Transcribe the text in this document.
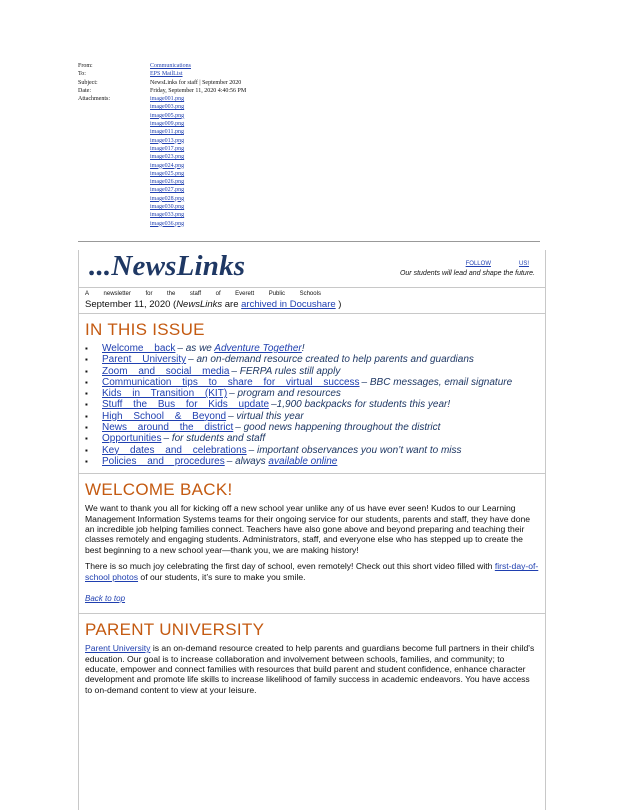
From:	Communications
To:	EPS MailList
Subject:	NewsLinks for staff | September 2020
Date:	Friday, September 11, 2020 4:40:56 PM
Attachments:	image001.png
image003.png
image005.png
image009.png
image011.png
image013.png
image017.png
image023.png
image024.png
image025.png
image026.png
image027.png
image028.png
image030.png
image033.png
image036.png
...NewsLinks	FOLLOW	US!
Our students will lead and shape the future.
A newsletter for the staff of Everett Public Schools
September 11, 2020 (NewsLinks are archived in Docushare )
IN THIS ISSUE
▪	Welcome back – as we Adventure Together!
▪	Parent University – an on-demand resource created to help parents and guardians
▪	Zoom and social media – FERPA rules still apply
▪	Communication tips to share for virtual success – BBC messages, email signature
▪	Kids in Transition (KIT) – program and resources
▪	Stuff the Bus for Kids update –1,900 backpacks for students this year!
▪	High School & Beyond – virtual this year
▪	News around the district – good news happening throughout the district
▪	Opportunities – for students and staff
▪	Key dates and celebrations – important observances you won’t want to miss
▪	Policies and procedures – always available online
WELCOME BACK!

We want to thank you all for kicking off a new school year unlike any of us have ever seen! Kudos to our Learning Management Information Systems teams for their ongoing service for our students, parents and staff, they have done an incredible job helping families connect. Teachers have also gone above and beyond preparing and teaching their classes remotely and engaging students. Administrators, staff, and everyone else who has stepped up to create the best beginning to a new school year—thank you, we are making history!

There is so much joy celebrating the first day of school, even remotely! Check out this short video filled with first-day-of-school photos of our students, it’s sure to make you smile.

Back to top
PARENT UNIVERSITY

Parent University is an on-demand resource created to help parents and guardians become full partners in their child's education. Our goal is to increase collaboration and involvement between schools, families, and community; to educate, empower and connect families with resources that build parent and student confidence, enhance character development and promote life skills to increase likelihood of family success in academic endeavors. You have access to on-demand content to view at your leisure.
